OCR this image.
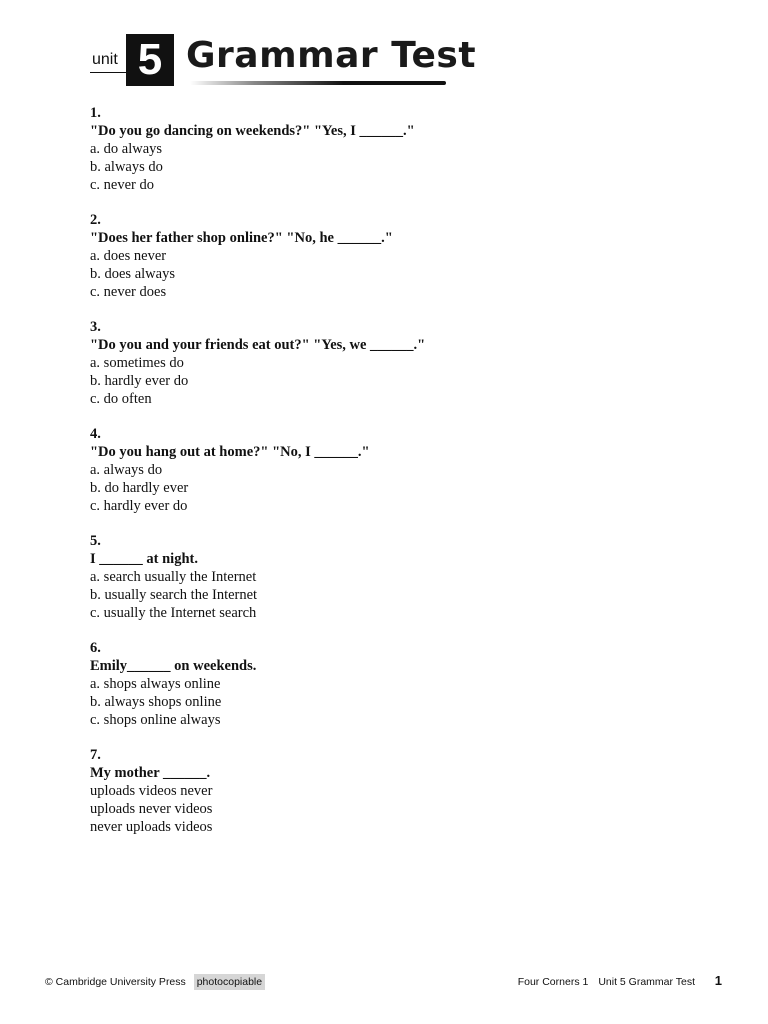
unit 5 Grammar Test
1.
"Do you go dancing on weekends?" "Yes, I ______."
a. do always
b. always do
c. never do
2.
"Does her father shop online?" "No, he ______."
a. does never
b. does always
c. never does
3.
"Do you and your friends eat out?" "Yes, we ______."
a. sometimes do
b. hardly ever do
c. do often
4.
"Do you hang out at home?" "No, I ______."
a. always do
b. do hardly ever
c. hardly ever do
5.
I ______ at night.
a. search usually the Internet
b. usually search the Internet
c. usually the Internet search
6.
Emily______ on weekends.
a. shops always online
b. always shops online
c. shops online always
7.
My mother ______.
uploads videos never
uploads never videos
never uploads videos
© Cambridge University Press photocopiable	Four Corners 1 Unit 5 Grammar Test 1
